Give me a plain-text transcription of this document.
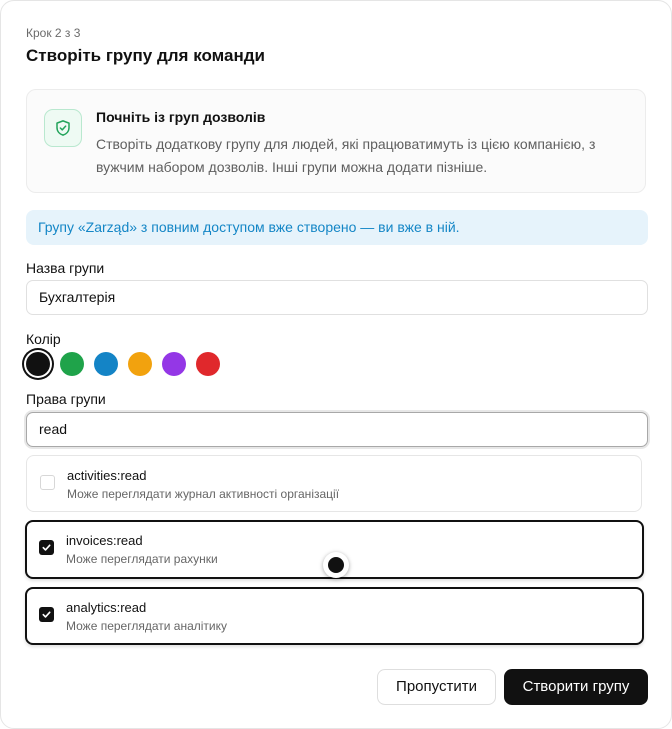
Крок 2 з 3
Створіть групу для команди
Почніть із груп дозволів
Створіть додаткову групу для людей, які працюватимуть із цією компанією, з вужчим набором дозволів. Інші групи можна додати пізніше.
Групу «Zarząd» з повним доступом вже створено — ви вже в ній.
Назва групи
Бухгалтерія
Колір
Права групи
read
activities:read
Може переглядати журнал активності організації
invoices:read
Може переглядати рахунки
analytics:read
Може переглядати аналітику
Пропустити	Створити групу
